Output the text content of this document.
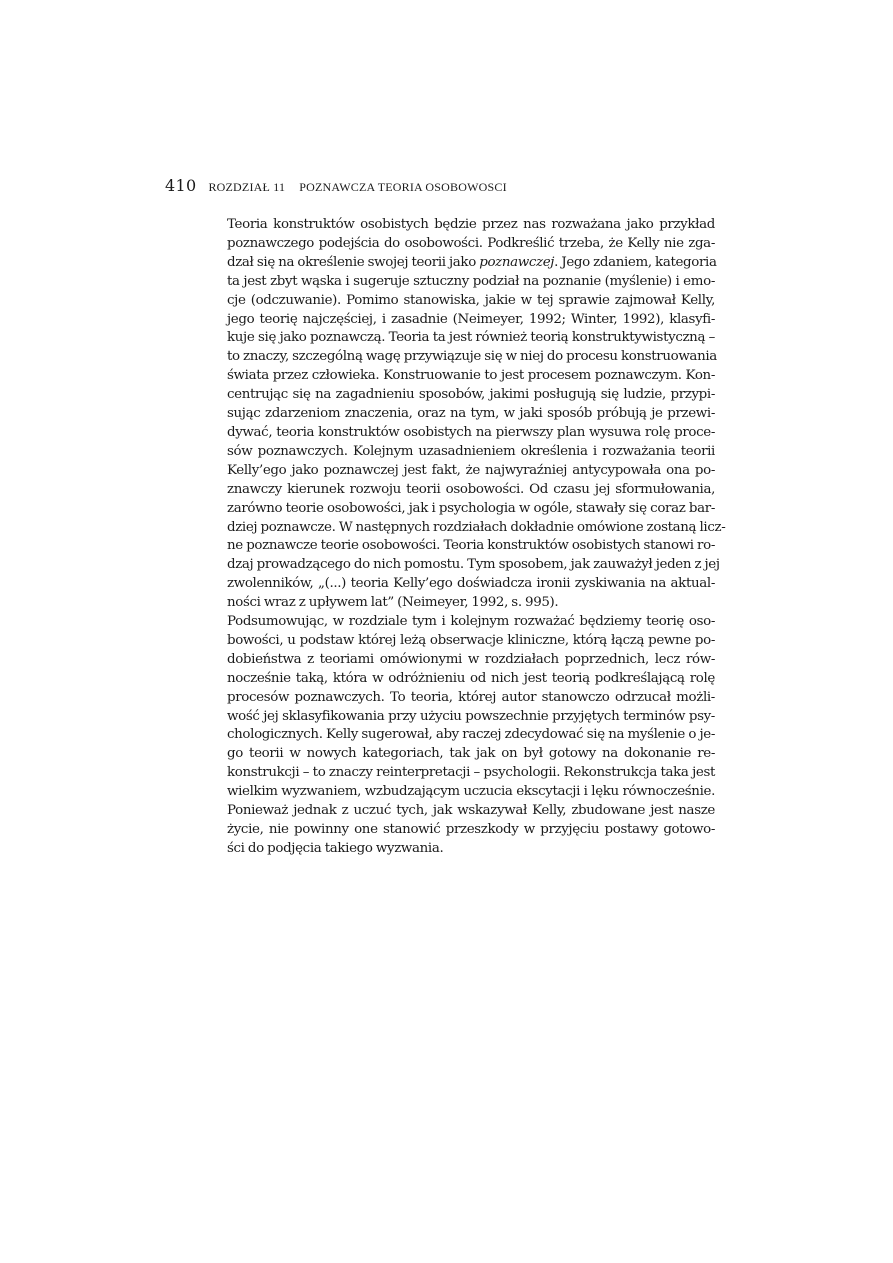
410 ROZDZIAŁ 11 POZNAWCZA TEORIA OSOBOWOSCI

Teoria konstruktów osobistych będzie przez nas rozważana jako przykład
poznawczego podejścia do osobowości. Podkreślić trzeba, że Kelly nie zga-
dzał się na określenie swojej teorii jako poznawczej. Jego zdaniem, kategoria
ta jest zbyt wąska i sugeruje sztuczny podział na poznanie (myślenie) i emo-
cje (odczuwanie). Pomimo stanowiska, jakie w tej sprawie zajmował Kelly,
jego teorię najczęściej, i zasadnie (Neimeyer, 1992; Winter, 1992), klasyfi-
kuje się jako poznawczą. Teoria ta jest również teorią konstruktywistyczną –
to znaczy, szczególną wagę przywiązuje się w niej do procesu konstruowania
świata przez człowieka. Konstruowanie to jest procesem poznawczym. Kon-
centrując się na zagadnieniu sposobów, jakimi posługują się ludzie, przypi-
sując zdarzeniom znaczenia, oraz na tym, w jaki sposób próbują je przewi-
dywać, teoria konstruktów osobistych na pierwszy plan wysuwa rolę proce-
sów poznawczych. Kolejnym uzasadnieniem określenia i rozważania teorii
Kelly’ego jako poznawczej jest fakt, że najwyraźniej antycypowała ona po-
znawczy kierunek rozwoju teorii osobowości. Od czasu jej sformułowania,
zarówno teorie osobowości, jak i psychologia w ogóle, stawały się coraz bar-
dziej poznawcze. W następnych rozdziałach dokładnie omówione zostaną licz-
ne poznawcze teorie osobowości. Teoria konstruktów osobistych stanowi ro-
dzaj prowadzącego do nich pomostu. Tym sposobem, jak zauważył jeden z jej
zwolenników, „(...) teoria Kelly’ego doświadcza ironii zyskiwania na aktual-
ności wraz z upływem lat” (Neimeyer, 1992, s. 995).

Podsumowując, w rozdziale tym i kolejnym rozważać będziemy teorię oso-
bowości, u podstaw której leżą obserwacje kliniczne, którą łączą pewne po-
dobieństwa z teoriami omówionymi w rozdziałach poprzednich, lecz rów-
nocześnie taką, która w odróżnieniu od nich jest teorią podkreślającą rolę
procesów poznawczych. To teoria, której autor stanowczo odrzucał możli-
wość jej sklasyfikowania przy użyciu powszechnie przyjętych terminów psy-
chologicznych. Kelly sugerował, aby raczej zdecydować się na myślenie o je-
go teorii w nowych kategoriach, tak jak on był gotowy na dokonanie re-
konstrukcji – to znaczy reinterpretacji – psychologii. Rekonstrukcja taka jest
wielkim wyzwaniem, wzbudzającym uczucia ekscytacji i lęku równocześnie.
Ponieważ jednak z uczuć tych, jak wskazywał Kelly, zbudowane jest nasze
życie, nie powinny one stanowić przeszkody w przyjęciu postawy gotowo-
ści do podjęcia takiego wyzwania.
